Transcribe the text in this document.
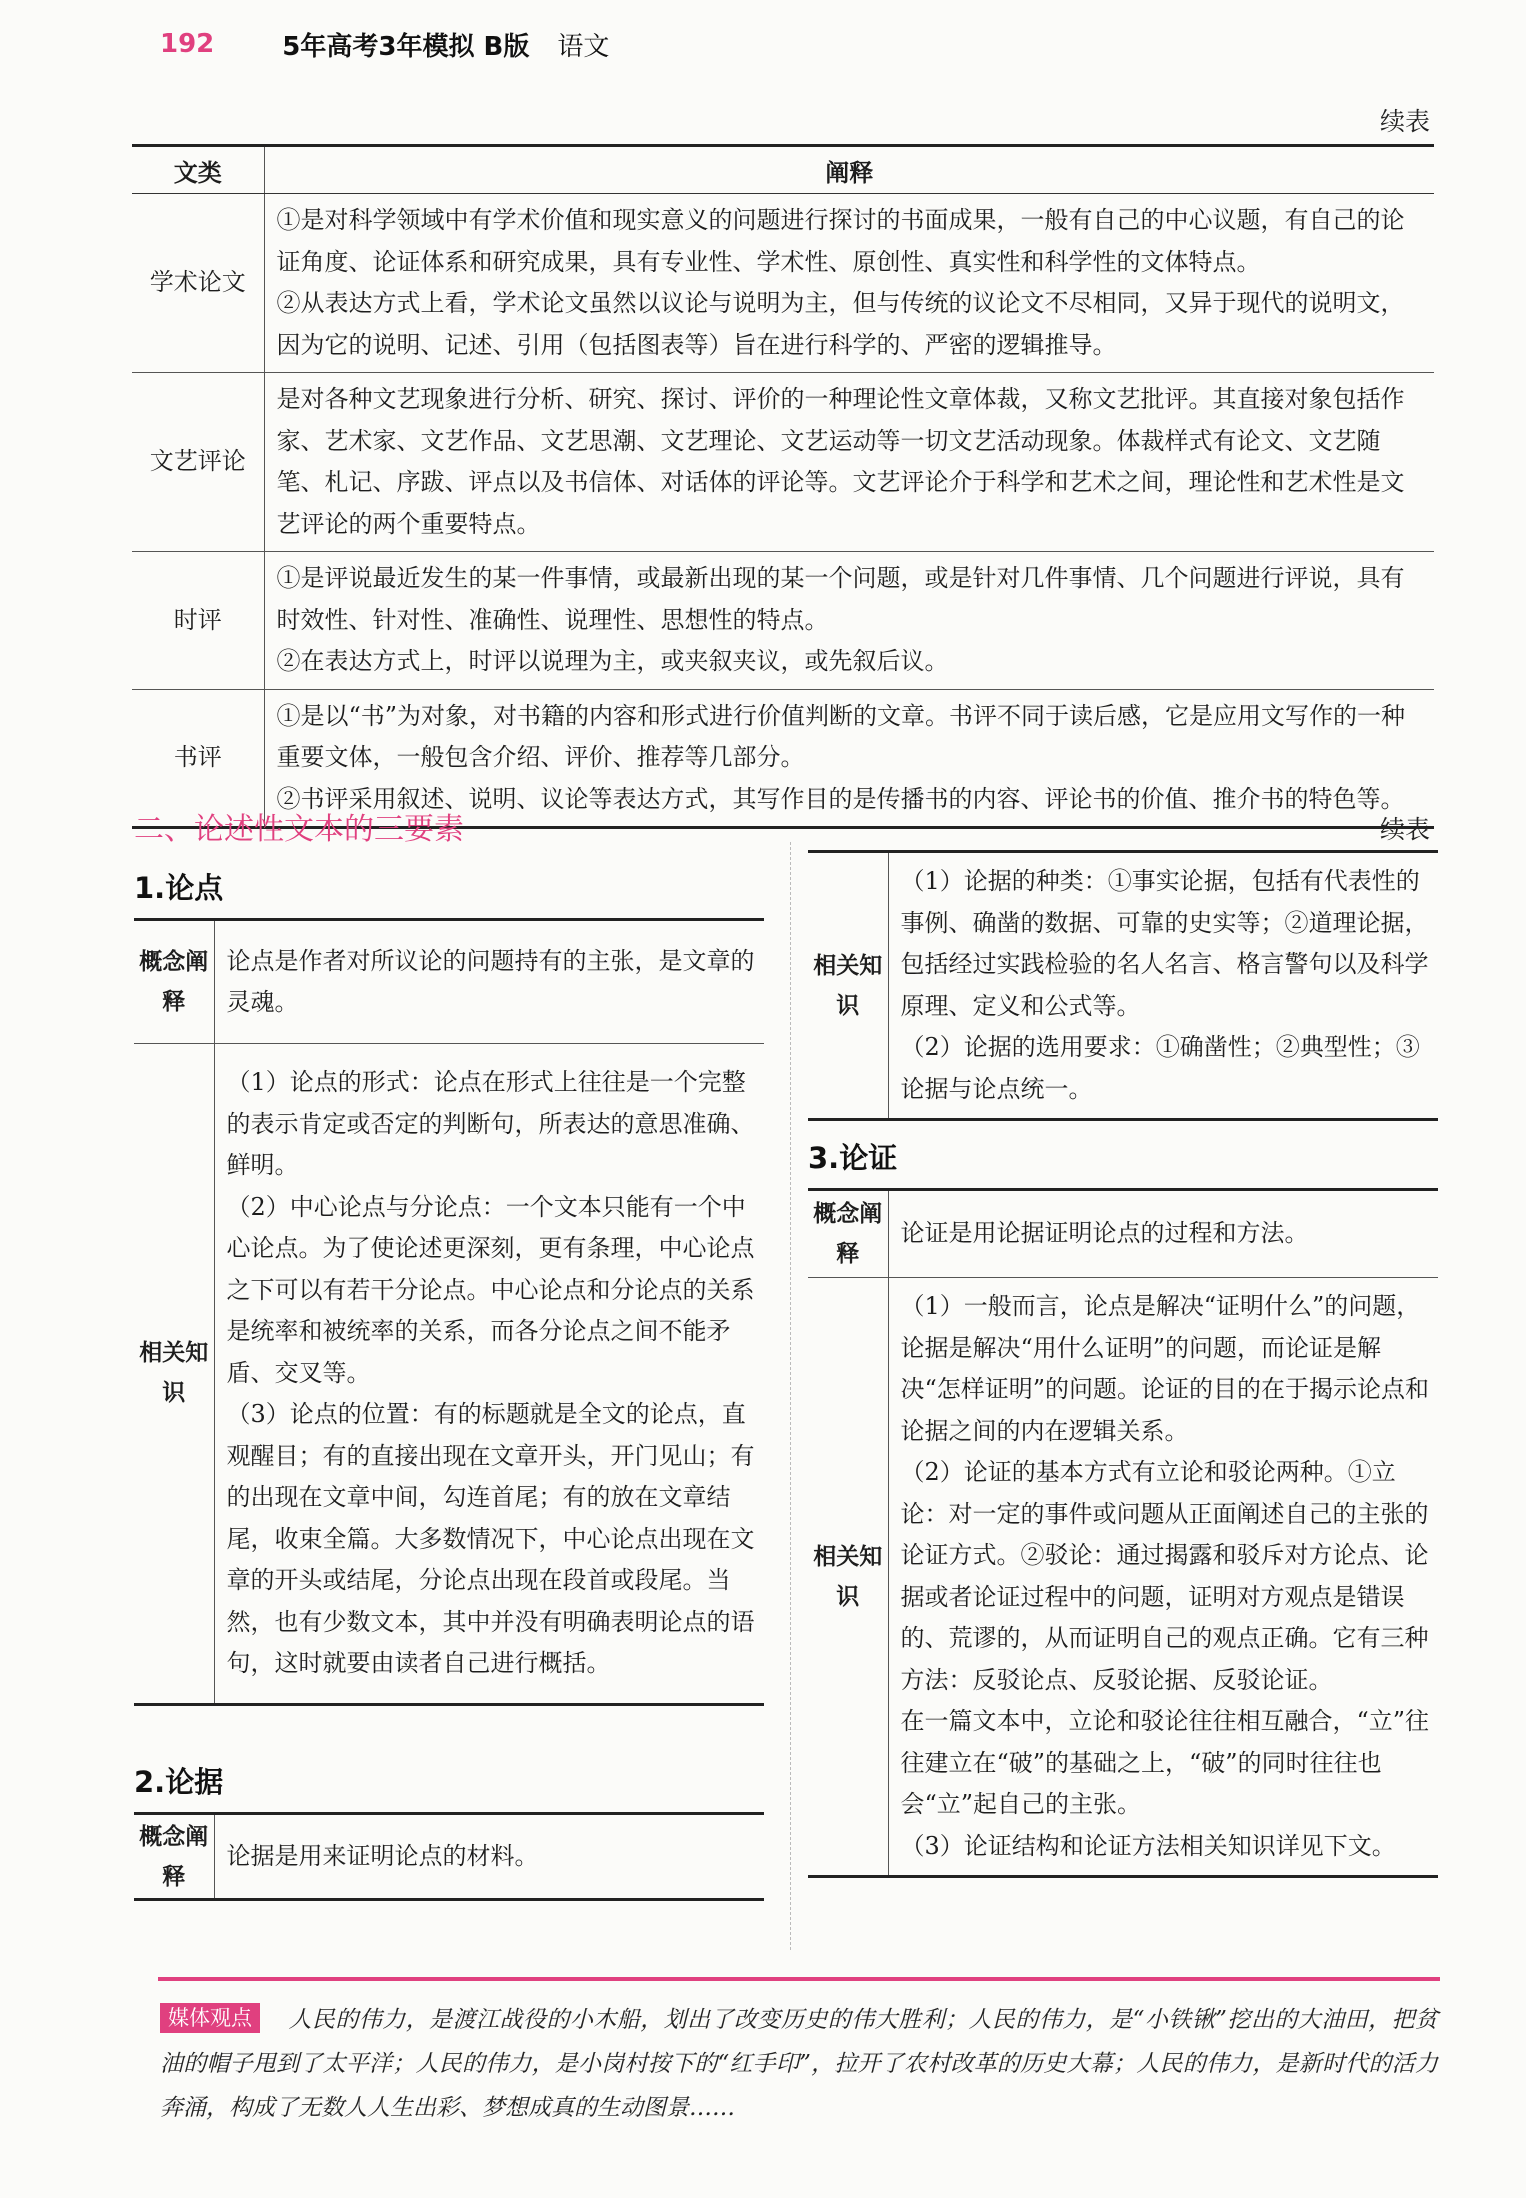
192	5年高考3年模拟 B版 语文
续表
文类	阐释
学术论文	①是对科学领域中有学术价值和现实意义的问题进行探讨的书面成果，一般有自己的中心议题，有自己的论证角度、论证体系和研究成果，具有专业性、学术性、原创性、真实性和科学性的文体特点。
②从表达方式上看，学术论文虽然以议论与说明为主，但与传统的议论文不尽相同，又异于现代的说明文，因为它的说明、记述、引用（包括图表等）旨在进行科学的、严密的逻辑推导。

文艺评论	是对各种文艺现象进行分析、研究、探讨、评价的一种理论性文章体裁，又称文艺批评。其直接对象包括作家、艺术家、文艺作品、文艺思潮、文艺理论、文艺运动等一切文艺活动现象。体裁样式有论文、文艺随笔、札记、序跋、评点以及书信体、对话体的评论等。文艺评论介于科学和艺术之间，理论性和艺术性是文艺评论的两个重要特点。

时评	①是评说最近发生的某一件事情，或最新出现的某一个问题，或是针对几件事情、几个问题进行评说，具有时效性、针对性、准确性、说理性、思想性的特点。
②在表达方式上，时评以说理为主，或夹叙夹议，或先叙后议。

书评	①是以“书”为对象，对书籍的内容和形式进行价值判断的文章。书评不同于读后感，它是应用文写作的一种重要文体，一般包含介绍、评价、推荐等几部分。
②书评采用叙述、说明、议论等表达方式，其写作目的是传播书的内容、评论书的价值、推介书的特色等。
二、论述性文本的三要素
1.论点
概念阐释	论点是作者对所议论的问题持有的主张，是文章的灵魂。
相关知识	（1）论点的形式：论点在形式上往往是一个完整的表示肯定或否定的判断句，所表达的意思准确、鲜明。
（2）中心论点与分论点：一个文本只能有一个中心论点。为了使论述更深刻，更有条理，中心论点之下可以有若干分论点。中心论点和分论点的关系是统率和被统率的关系，而各分论点之间不能矛盾、交叉等。
（3）论点的位置：有的标题就是全文的论点，直观醒目；有的直接出现在文章开头，开门见山；有的出现在文章中间，勾连首尾；有的放在文章结尾，收束全篇。大多数情况下，中心论点出现在文章的开头或结尾，分论点出现在段首或段尾。当然，也有少数文本，其中并没有明确表明论点的语句，这时就要由读者自己进行概括。
2.论据
概念阐释	论据是用来证明论点的材料。
续表
相关知识	
（1）论据的种类：①事实论据，包括有代表性的事例、确凿的数据、可靠的史实等；②道理论据，包括经过实践检验的名人名言、格言警句以及科学原理、定义和公式等。
（2）论据的选用要求：①确凿性；②典型性；③论据与论点统一。
3.论证
概念阐释	论证是用论据证明论点的过程和方法。
相关知识	（1）一般而言，论点是解决“证明什么”的问题，论据是解决“用什么证明”的问题，而论证是解决“怎样证明”的问题。论证的目的在于揭示论点和论据之间的内在逻辑关系。
（2）论证的基本方式有立论和驳论两种。①立论：对一定的事件或问题从正面阐述自己的主张的论证方式。②驳论：通过揭露和驳斥对方论点、论据或者论证过程中的问题，证明对方观点是错误的、荒谬的，从而证明自己的观点正确。它有三种方法：反驳论点、反驳论据、反驳论证。
在一篇文本中，立论和驳论往往相互融合，“立”往往建立在“破”的基础之上，“破”的同时往往也会“立”起自己的主张。
（3）论证结构和论证方法相关知识详见下文。
媒体观点 人民的伟力，是渡江战役的小木船，划出了改变历史的伟大胜利；人民的伟力，是“小铁锹”挖出的大油田，把贫油的帽子甩到了太平洋；人民的伟力，是小岗村按下的“红手印”，拉开了农村改革的历史大幕；人民的伟力，是新时代的活力奔涌，构成了无数人人生出彩、梦想成真的生动图景……
